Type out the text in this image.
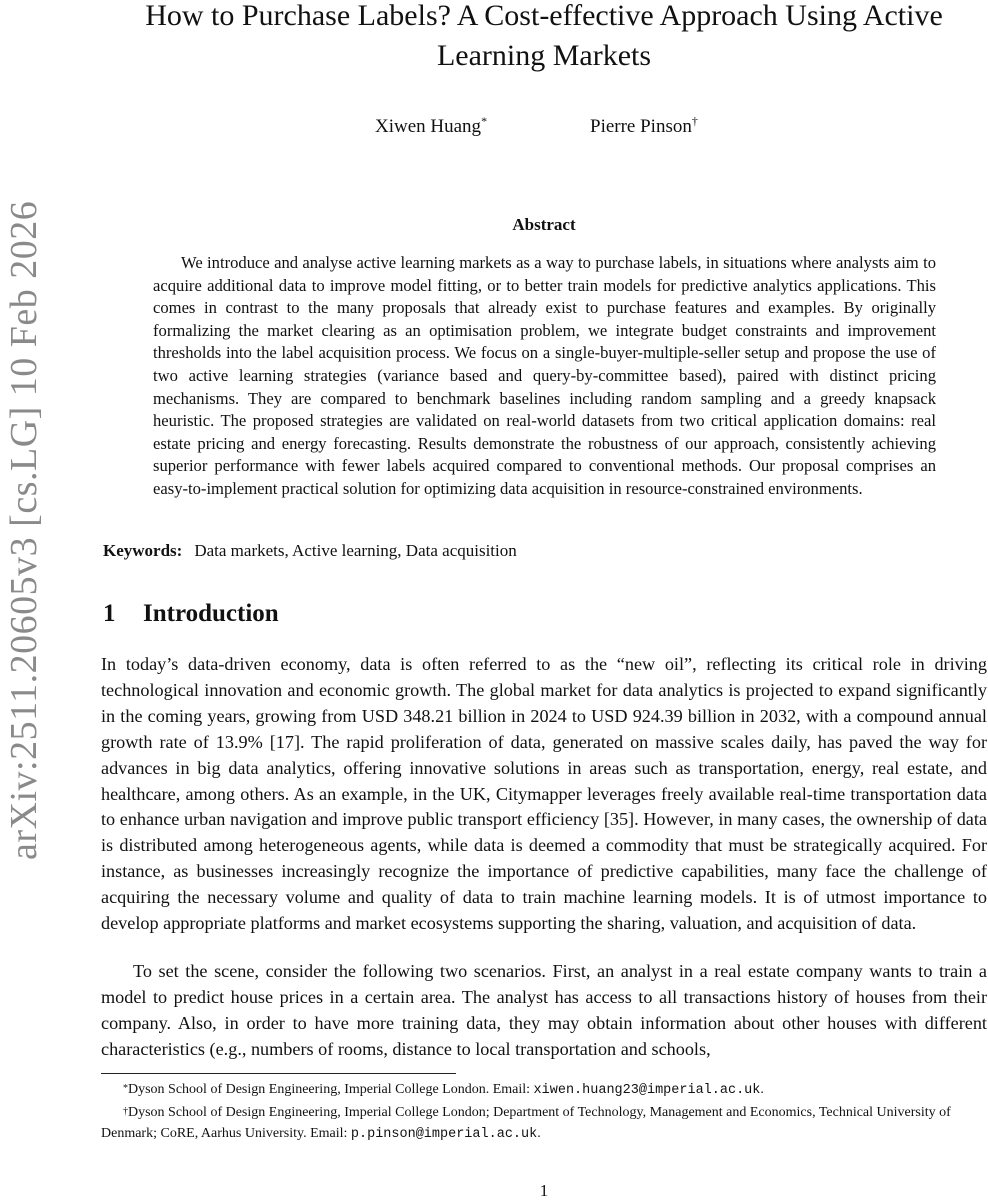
arXiv:2511.20605v3 [cs.LG] 10 Feb 2026
How to Purchase Labels? A Cost-effective Approach Using Active Learning Markets
Xiwen Huang*	Pierre Pinson†
Abstract

We introduce and analyse active learning markets as a way to purchase labels, in situations where analysts aim to acquire additional data to improve model fitting, or to better train models for predictive analytics applications. This comes in contrast to the many proposals that already exist to purchase features and examples. By originally formalizing the market clearing as an optimisation problem, we integrate budget constraints and improvement thresholds into the label acquisition process. We focus on a single-buyer-multiple-seller setup and propose the use of two active learning strategies (variance based and query-by-committee based), paired with distinct pricing mechanisms. They are compared to benchmark baselines including random sampling and a greedy knapsack heuristic. The proposed strategies are validated on real-world datasets from two critical application domains: real estate pricing and energy forecasting. Results demonstrate the robustness of our approach, consistently achieving superior performance with fewer labels acquired compared to conventional methods. Our proposal comprises an easy-to-implement practical solution for optimizing data acquisition in resource-constrained environments.

Keywords: Data markets, Active learning, Data acquisition
1 Introduction

In today’s data-driven economy, data is often referred to as the “new oil”, reflecting its critical role in driving technological innovation and economic growth. The global market for data analytics is projected to expand significantly in the coming years, growing from USD 348.21 billion in 2024 to USD 924.39 billion in 2032, with a compound annual growth rate of 13.9% [17]. The rapid proliferation of data, generated on massive scales daily, has paved the way for advances in big data analytics, offering innovative solutions in areas such as transportation, energy, real estate, and healthcare, among others. As an example, in the UK, Citymapper leverages freely available real-time transportation data to enhance urban navigation and improve public transport efficiency [35]. However, in many cases, the ownership of data is distributed among heterogeneous agents, while data is deemed a commodity that must be strategically acquired. For instance, as businesses increasingly recognize the importance of predictive capabilities, many face the challenge of acquiring the necessary volume and quality of data to train machine learning models. It is of utmost importance to develop appropriate platforms and market ecosystems supporting the sharing, valuation, and acquisition of data.

To set the scene, consider the following two scenarios. First, an analyst in a real estate company wants to train a model to predict house prices in a certain area. The analyst has access to all transactions history of houses from their company. Also, in order to have more training data, they may obtain information about other houses with different characteristics (e.g., numbers of rooms, distance to local transportation and schools,

*Dyson School of Design Engineering, Imperial College London. Email: xiwen.huang23@imperial.ac.uk.

†Dyson School of Design Engineering, Imperial College London; Department of Technology, Management and Economics, Technical University of Denmark; CoRE, Aarhus University. Email: p.pinson@imperial.ac.uk.

1
